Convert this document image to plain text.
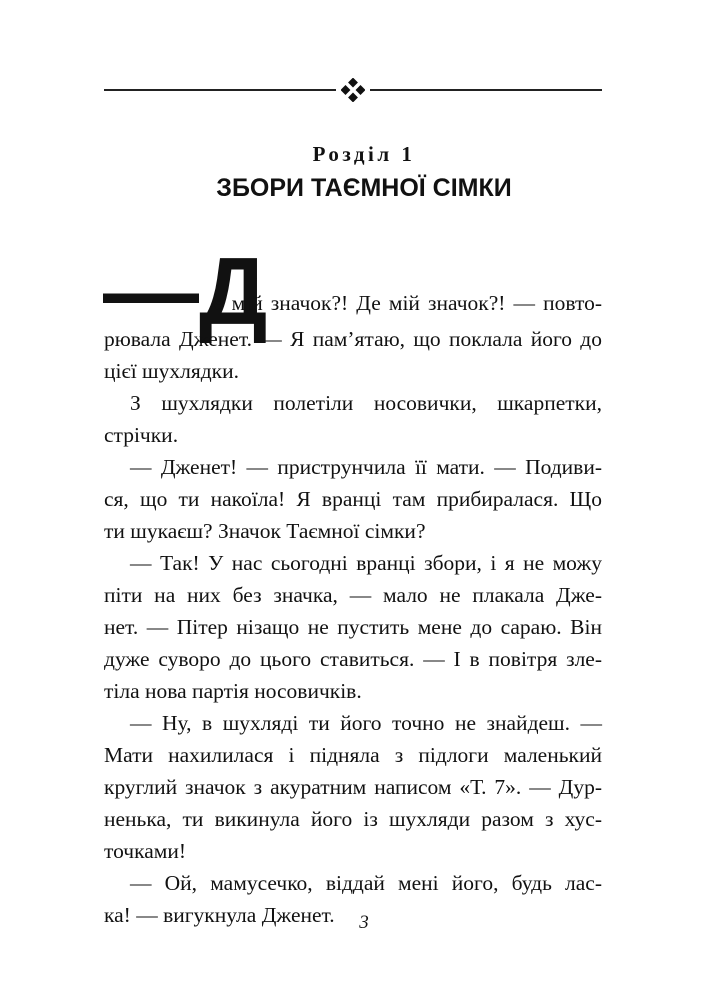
Розділ 1
ЗБОРИ ТАЄМНОЇ СІМКИ
—Д
е мій значок?! Де мій значок?! — повто-
рювала Дженет. — Я пам’ятаю, що поклала його до
цієї шухлядки.
З шухлядки полетіли носовички, шкарпетки,
стрічки.
— Дженет! — приструнчила її мати. — Подиви-
ся, що ти накоїла! Я вранці там прибиралася. Що
ти шукаєш? Значок Таємної сімки?
— Так! У нас сьогодні вранці збори, і я не можу
піти на них без значка, — мало не плакала Дже-
нет. — Пітер нізащо не пустить мене до сараю. Він
дуже суворо до цього ставиться. — І в повітря зле-
тіла нова партія носовичків.
— Ну, в шухляді ти його точно не знайдеш. —
Мати нахилилася і підняла з підлоги маленький
круглий значок з акуратним написом «Т. 7». — Дур-
ненька, ти викинула його із шухляди разом з хус-
точками!
— Ой, мамусечко, віддай мені його, будь лас-
ка! — вигукнула Дженет.	3
